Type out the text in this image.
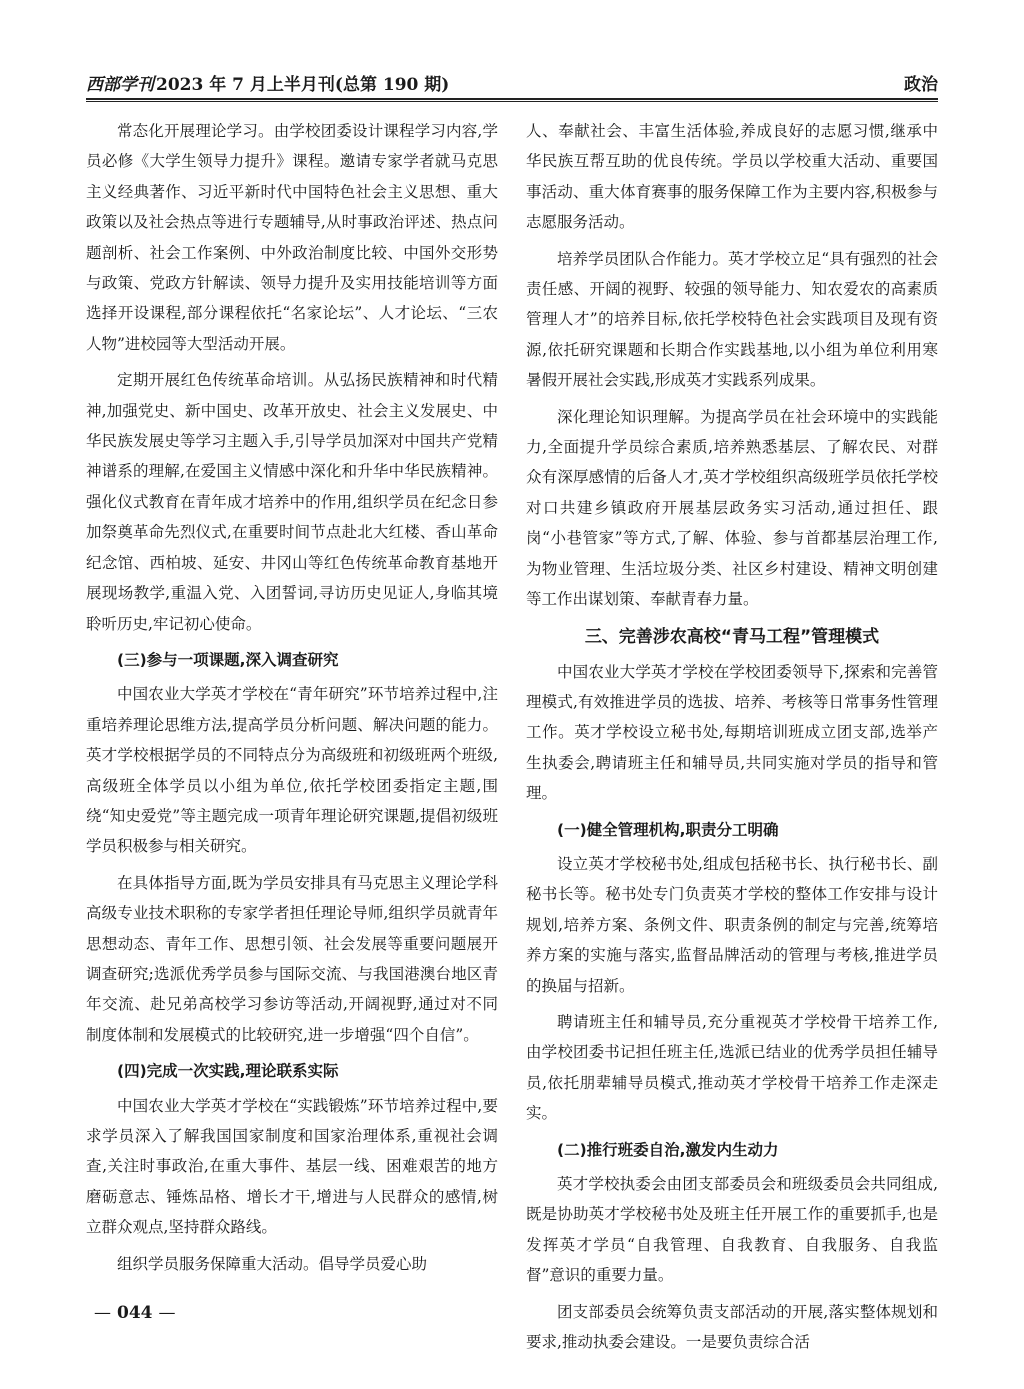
西部学刊 2023 年 7 月上半月刊(总第 190 期)	政治

常态化开展理论学习。由学校团委设计课程学习内容,学员必修《大学生领导力提升》课程。邀请专家学者就马克思主义经典著作、习近平新时代中国特色社会主义思想、重大政策以及社会热点等进行专题辅导,从时事政治评述、热点问题剖析、社会工作案例、中外政治制度比较、中国外交形势与政策、党政方针解读、领导力提升及实用技能培训等方面选择开设课程,部分课程依托“名家论坛”、人才论坛、“三农人物”进校园等大型活动开展。

定期开展红色传统革命培训。从弘扬民族精神和时代精神,加强党史、新中国史、改革开放史、社会主义发展史、中华民族发展史等学习主题入手,引导学员加深对中国共产党精神谱系的理解,在爱国主义情感中深化和升华中华民族精神。强化仪式教育在青年成才培养中的作用,组织学员在纪念日参加祭奠革命先烈仪式,在重要时间节点赴北大红楼、香山革命纪念馆、西柏坡、延安、井冈山等红色传统革命教育基地开展现场教学,重温入党、入团誓词,寻访历史见证人,身临其境聆听历史,牢记初心使命。

(三)参与一项课题,深入调查研究

中国农业大学英才学校在“青年研究”环节培养过程中,注重培养理论思维方法,提高学员分析问题、解决问题的能力。英才学校根据学员的不同特点分为高级班和初级班两个班级,高级班全体学员以小组为单位,依托学校团委指定主题,围绕“知史爱党”等主题完成一项青年理论研究课题,提倡初级班学员积极参与相关研究。

在具体指导方面,既为学员安排具有马克思主义理论学科高级专业技术职称的专家学者担任理论导师,组织学员就青年思想动态、青年工作、思想引领、社会发展等重要问题展开调查研究;选派优秀学员参与国际交流、与我国港澳台地区青年交流、赴兄弟高校学习参访等活动,开阔视野,通过对不同制度体制和发展模式的比较研究,进一步增强“四个自信”。

(四)完成一次实践,理论联系实际

中国农业大学英才学校在“实践锻炼”环节培养过程中,要求学员深入了解我国国家制度和国家治理体系,重视社会调查,关注时事政治,在重大事件、基层一线、困难艰苦的地方磨砺意志、锤炼品格、增长才干,增进与人民群众的感情,树立群众观点,坚持群众路线。

组织学员服务保障重大活动。倡导学员爱心助

人、奉献社会、丰富生活体验,养成良好的志愿习惯,继承中华民族互帮互助的优良传统。学员以学校重大活动、重要国事活动、重大体育赛事的服务保障工作为主要内容,积极参与志愿服务活动。

培养学员团队合作能力。英才学校立足“具有强烈的社会责任感、开阔的视野、较强的领导能力、知农爱农的高素质管理人才”的培养目标,依托学校特色社会实践项目及现有资源,依托研究课题和长期合作实践基地,以小组为单位利用寒暑假开展社会实践,形成英才实践系列成果。

深化理论知识理解。为提高学员在社会环境中的实践能力,全面提升学员综合素质,培养熟悉基层、了解农民、对群众有深厚感情的后备人才,英才学校组织高级班学员依托学校对口共建乡镇政府开展基层政务实习活动,通过担任、跟岗“小巷管家”等方式,了解、体验、参与首都基层治理工作,为物业管理、生活垃圾分类、社区乡村建设、精神文明创建等工作出谋划策、奉献青春力量。

三、完善涉农高校“青马工程”管理模式

中国农业大学英才学校在学校团委领导下,探索和完善管理模式,有效推进学员的选拔、培养、考核等日常事务性管理工作。英才学校设立秘书处,每期培训班成立团支部,选举产生执委会,聘请班主任和辅导员,共同实施对学员的指导和管理。

(一)健全管理机构,职责分工明确

设立英才学校秘书处,组成包括秘书长、执行秘书长、副秘书长等。秘书处专门负责英才学校的整体工作安排与设计规划,培养方案、条例文件、职责条例的制定与完善,统筹培养方案的实施与落实,监督品牌活动的管理与考核,推进学员的换届与招新。

聘请班主任和辅导员,充分重视英才学校骨干培养工作,由学校团委书记担任班主任,选派已结业的优秀学员担任辅导员,依托朋辈辅导员模式,推动英才学校骨干培养工作走深走实。

(二)推行班委自治,激发内生动力

英才学校执委会由团支部委员会和班级委员会共同组成,既是协助英才学校秘书处及班主任开展工作的重要抓手,也是发挥英才学员“自我管理、自我教育、自我服务、自我监督”意识的重要力量。

团支部委员会统筹负责支部活动的开展,落实整体规划和要求,推动执委会建设。一是要负责综合活

— 044 —
